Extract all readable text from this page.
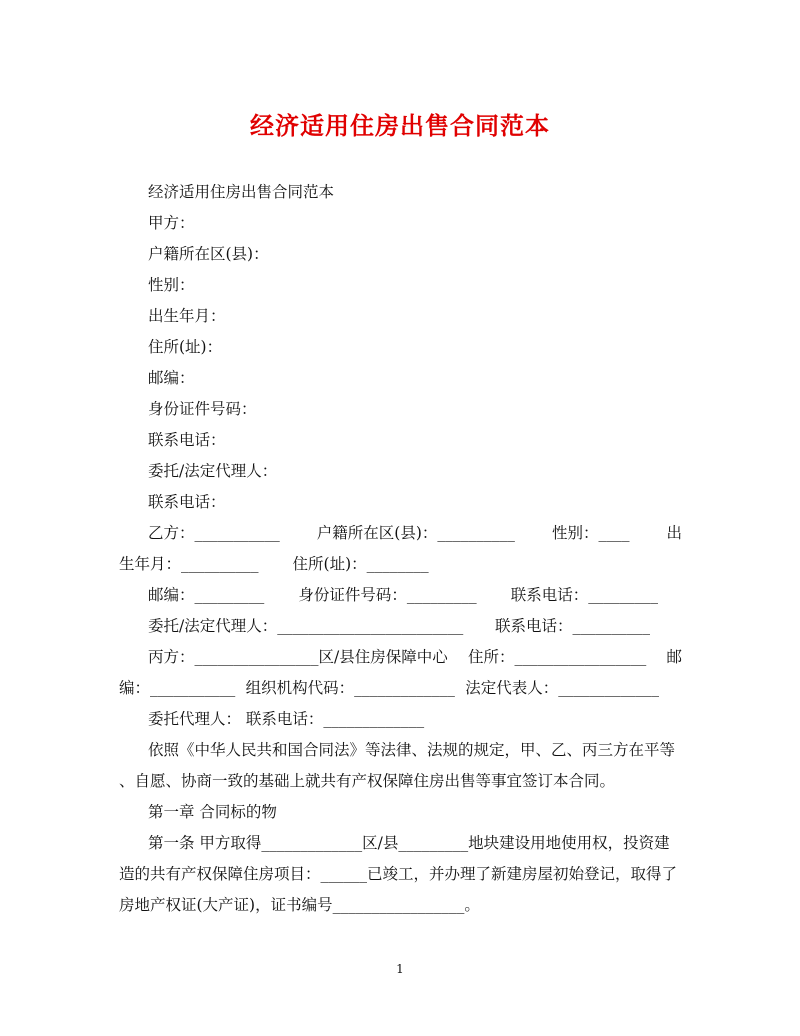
经济适用住房出售合同范本
经济适用住房出售合同范本
甲方：
户籍所在区(县)：
性别：
出生年月：
住所(址)：
邮编：
身份证件号码：
联系电话：
委托/法定代理人：
联系电话：
乙方：___________ 户籍所在区(县)：__________ 性别：____ 出
生年月：__________ 住所(址)：________
邮编：_________ 身份证件号码：_________ 联系电话：_________
委托/法定代理人：________________________ 联系电话：__________
丙方：________________区/县住房保障中心 住所：_________________ 邮
编：___________ 组织机构代码：_____________ 法定代表人：_____________
委托代理人： 联系电话：_____________
依照《中华人民共和国合同法》等法律、法规的规定，甲、乙、丙三方在平等
、自愿、协商一致的基础上就共有产权保障住房出售等事宜签订本合同。
第一章 合同标的物
第一条 甲方取得_____________区/县_________地块建设用地使用权，投资建
造的共有产权保障住房项目：______已竣工，并办理了新建房屋初始登记，取得了
房地产权证(大产证)，证书编号_________________。
1
